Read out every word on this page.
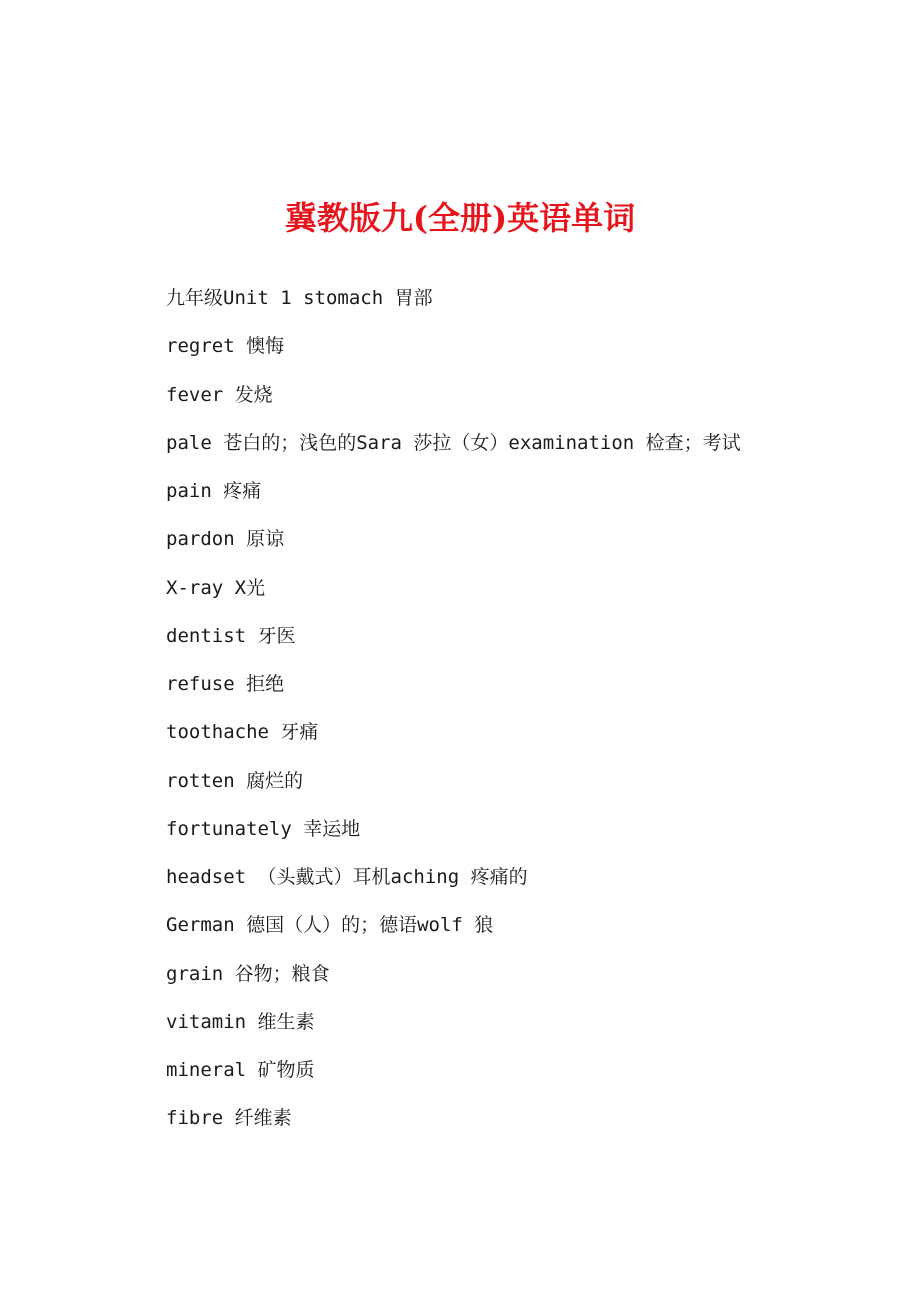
冀教版九(全册)英语单词
九年级Unit 1 stomach 胃部
regret 懊悔
fever 发烧
pale 苍白的；浅色的Sara 莎拉（女）examination 检查；考试
pain 疼痛
pardon 原谅
X-ray X光
dentist 牙医
refuse 拒绝
toothache 牙痛
rotten 腐烂的
fortunately 幸运地
headset （头戴式）耳机aching 疼痛的
German 德国（人）的；德语wolf 狼
grain 谷物；粮食
vitamin 维生素
mineral 矿物质
fibre 纤维素
